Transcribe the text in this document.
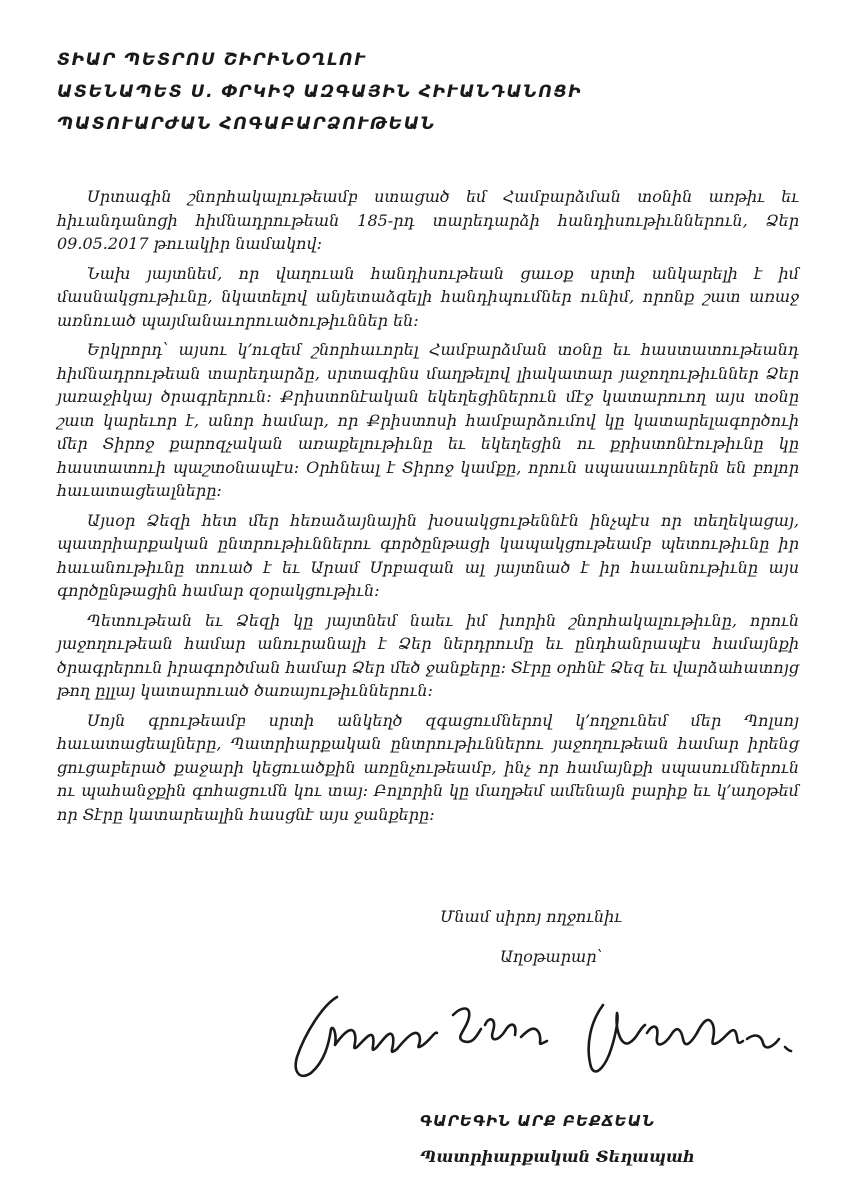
ՏԻԱՐ ՊԵՏՐՈՍ ՇԻՐԻՆՕՂԼՈՒ
ԱՏԵՆԱՊԵՏ Ս. ՓՐԿԻՉ ԱԶԳԱՅԻՆ ՀԻՒԱՆԴԱՆՈՑԻ
ՊԱՏՈՒԱՐԺԱՆ ՀՈԳԱԲԱՐՁՈՒԹԵԱՆ

Սրտագին շնորհակալութեամբ ստացած եմ Համբարձման տօնին առթիւ եւ հիւանդանոցի հիմնադրութեան 185-րդ տարեդարձի հանդիսութիւններուն, Ձեր 09.05.2017 թուակիր նամակով:

Նախ յայտնեմ, որ վաղուան հանդիսութեան ցաւօք սրտի անկարելի է իմ մասնակցութիւնը, նկատելով անյետաձգելի հանդիպումներ ունիմ, որոնք շատ առաջ առնուած պայմանաւորուածութիւններ են:

Երկրորդ՝ այսու կ՚ուզեմ շնորհաւորել Համբարձման տօնը եւ հաստատութեանդ հիմնադրութեան տարեդարձը, սրտագինս մաղթելով լիակատար յաջողութիւններ Ձեր յառաջիկայ ծրագրերուն: Քրիստոնէական եկեղեցիներուն մէջ կատարուող այս տօնը շատ կարեւոր է, անոր համար, որ Քրիստոսի համբարձումով կը կատարելագործուի մեր Տիրոջ քարոզչական առաքելութիւնը եւ եկեղեցին ու քրիստոնէութիւնը կը հաստատուի պաշտօնապէս: Օրհնեալ է Տիրոջ կամքը, որուն սպասաւորներն են բոլոր հաւատացեալները:

Այսօր Ձեզի հետ մեր հեռաձայնային խօսակցութեննէն ինչպէս որ տեղեկացայ, պատրիարքական ընտրութիւններու գործընթացի կապակցութեամբ պետութիւնը իր հաւանութիւնը տուած է եւ Արամ Սրբազան ալ յայտնած է իր հաւանութիւնը այս գործընթացին համար զօրակցութիւն:

Պետութեան եւ Ձեզի կը յայտնեմ նաեւ իմ խորին շնորհակալութիւնը, որուն յաջողութեան համար անուրանալի է Ձեր ներդրումը եւ ընդհանրապէս համայնքի ծրագրերուն իրագործման համար Ձեր մեծ ջանքերը: Տէրը օրհնէ Ձեզ եւ վարձահատոյց թող ըլլայ կատարուած ծառայութիւններուն:

Սոյն գրութեամբ սրտի անկեղծ զգացումներով կ՚ողջունեմ մեր Պոլսոյ հաւատացեալները, Պատրիարքական ընտրութիւններու յաջողութեան համար իրենց ցուցաբերած քաջարի կեցուածքին առընչութեամբ, ինչ որ համայնքի սպասումներուն ու պահանջքին գոհացումն կու տայ: Բոլորին կը մաղթեմ ամենայն բարիք եւ կ՚աղօթեմ որ Տէրը կատարեալին հասցնէ այս ջանքերը:

Մնամ սիրոյ ողջունիւ
Աղօթարար՝
ԳԱՐԵԳԻՆ ԱՐՔ ԲԵՔՃԵԱՆ
Պատրիարքական Տեղապահ
